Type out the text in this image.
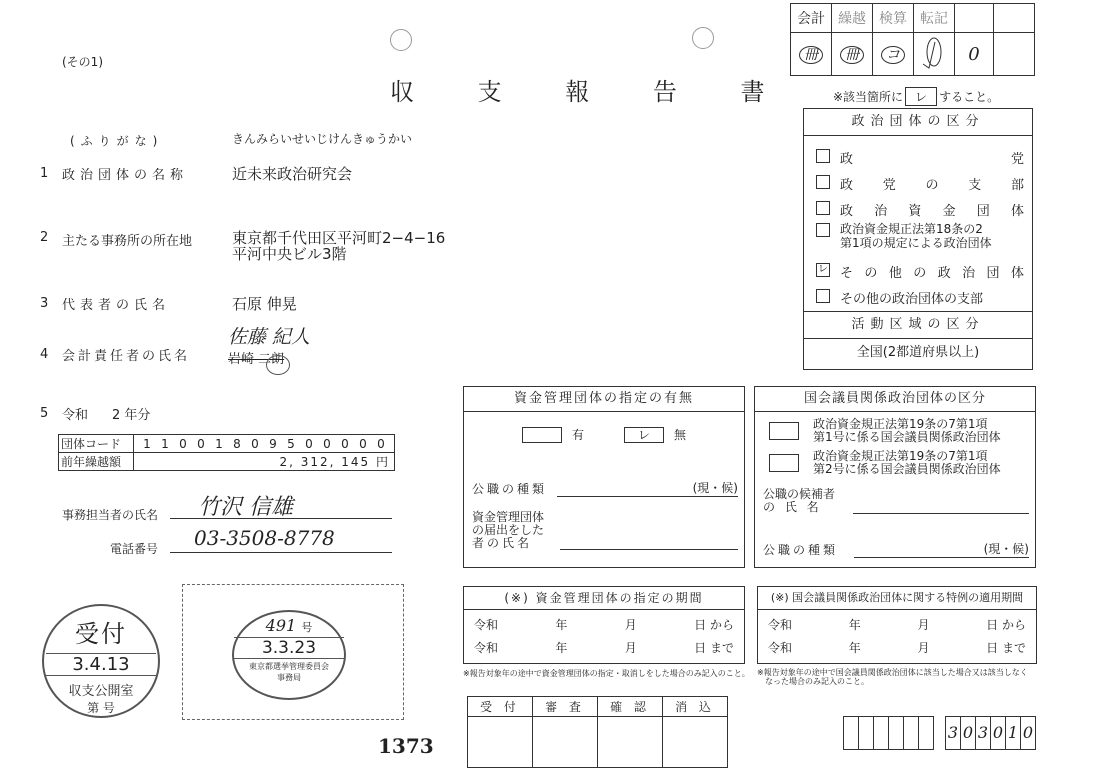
(その1)
収 支 報 告 書	※該当箇所に レ すること。
会計	繰越	検算	転記		
冊	冊	コ		0	
(ふりがな)	きんみらいせいじけんきゅうかい
1	政治団体の名称	近未来政治研究会
2	主たる事務所の所在地	東京都千代田区平河町2−4−16
平河中央ビル3階
3	代表者の氏名	石原 伸晃
4	会計責任者の氏名
佐藤 紀人
岩崎 二朗
5	令和	2 年分
団体コード	1 1 0 0 1 8 0 9 5 0 0 0 0 0
前年繰越額	2, 312, 145 円
事務担当者の氏名	竹沢 信雄
電話番号	03-3508-8778
受付
3.4.13
収支公開室
第 号
491 号
3.3.23
東京都選挙管理委員会
事務局
1373
政治団体の区分
政 党
政 党 の 支 部
政 治 資 金 団 体
政治資金規正法第18条の2
第1項の規定による政治団体
レ そ の 他 の 政 治 団 体
その他の政治団体の支部
活動区域の区分
全国(2都道府県以上)
資金管理団体の指定の有無
有	レ	無
公職の種類	(現・候)
資金管理団体
の届出をした
者の氏名
国会議員関係政治団体の区分
政治資金規正法第19条の7第1項
第1号に係る国会議員関係政治団体
政治資金規正法第19条の7第1項
第2号に係る国会議員関係政治団体
公職の候補者
の 氏 名
公職の種類	(現・候)
(※) 資金管理団体の指定の期間
令和	年	月	日 から
令和	年	月	日 まで
※報告対象年の途中で資金管理団体の指定・取消しをした場合のみ記入のこと。
(※) 国会議員関係政治団体に関する特例の適用期間
令和	年	月	日 から
令和	年	月	日 まで
※報告対象年の途中で国会議員関係政治団体に該当した場合又は該当しなく
なった場合のみ記入のこと。
受 付	審 査	確 認	消 込

3 0 3 0 1 0
